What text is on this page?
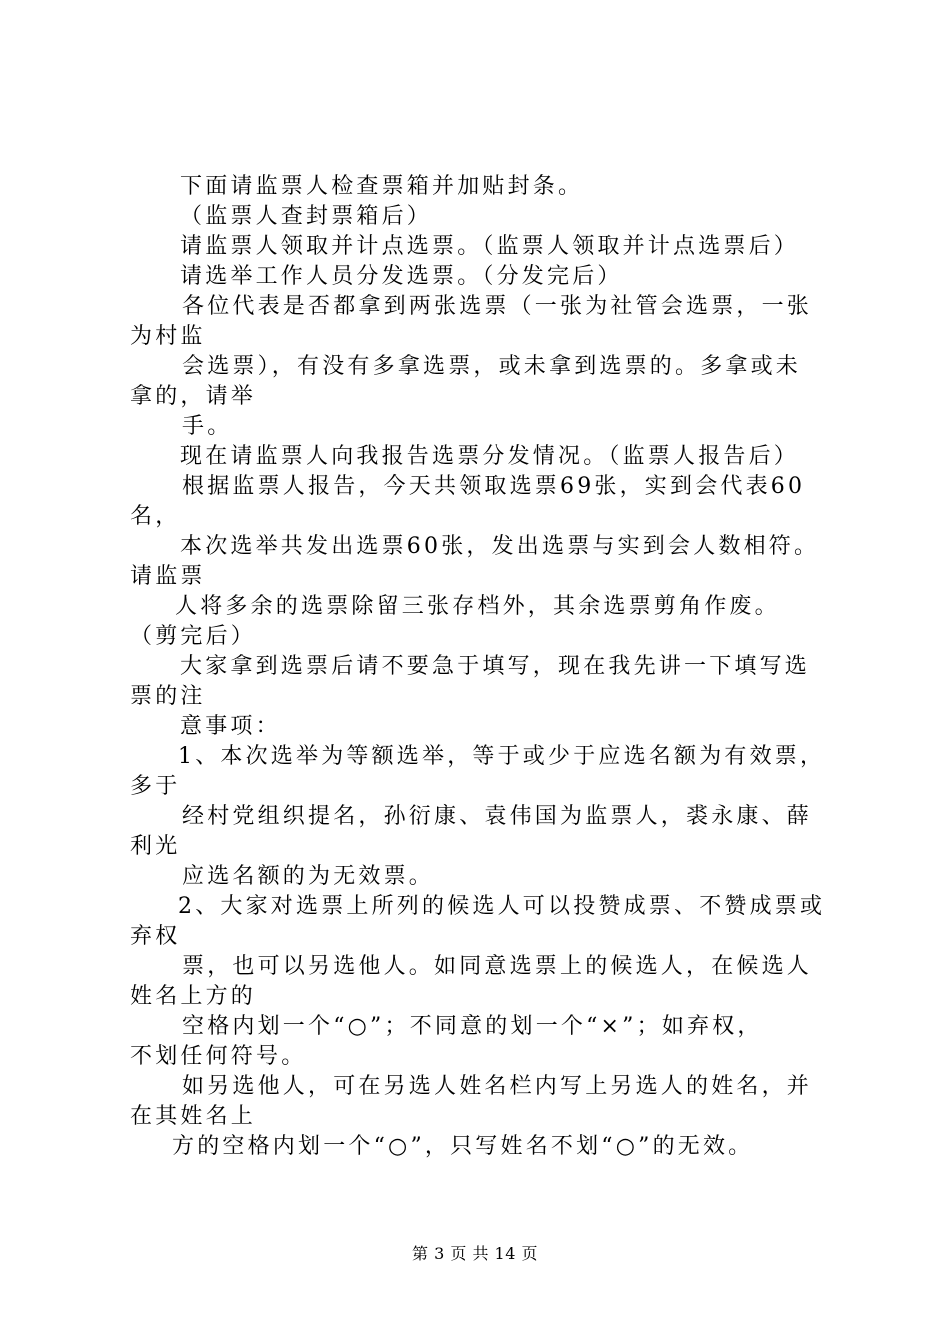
下面请监票人检查票箱并加贴封条。
（监票人查封票箱后）
请监票人领取并计点选票。（监票人领取并计点选票后）
请选举工作人员分发选票。（分发完后）
各位代表是否都拿到两张选票（一张为社管会选票，一张
为村监
会选票），有没有多拿选票，或未拿到选票的。多拿或未
拿的，请举
手。
现在请监票人向我报告选票分发情况。（监票人报告后）
根据监票人报告，今天共领取选票69张，实到会代表60
名，
本次选举共发出选票60张，发出选票与实到会人数相符。
请监票
人将多余的选票除留三张存档外，其余选票剪角作废。
（剪完后）
大家拿到选票后请不要急于填写，现在我先讲一下填写选
票的注
意事项：
1、本次选举为等额选举，等于或少于应选名额为有效票，
多于
经村党组织提名，孙衍康、袁伟国为监票人，裘永康、薛
利光
应选名额的为无效票。
2、大家对选票上所列的候选人可以投赞成票、不赞成票或
弃权
票，也可以另选他人。如同意选票上的候选人，在候选人
姓名上方的
空格内划一个“○”；不同意的划一个“×”；如弃权，
不划任何符号。
如另选他人，可在另选人姓名栏内写上另选人的姓名，并
在其姓名上
方的空格内划一个“○”，只写姓名不划“○”的无效。
第 3 页 共 14 页
